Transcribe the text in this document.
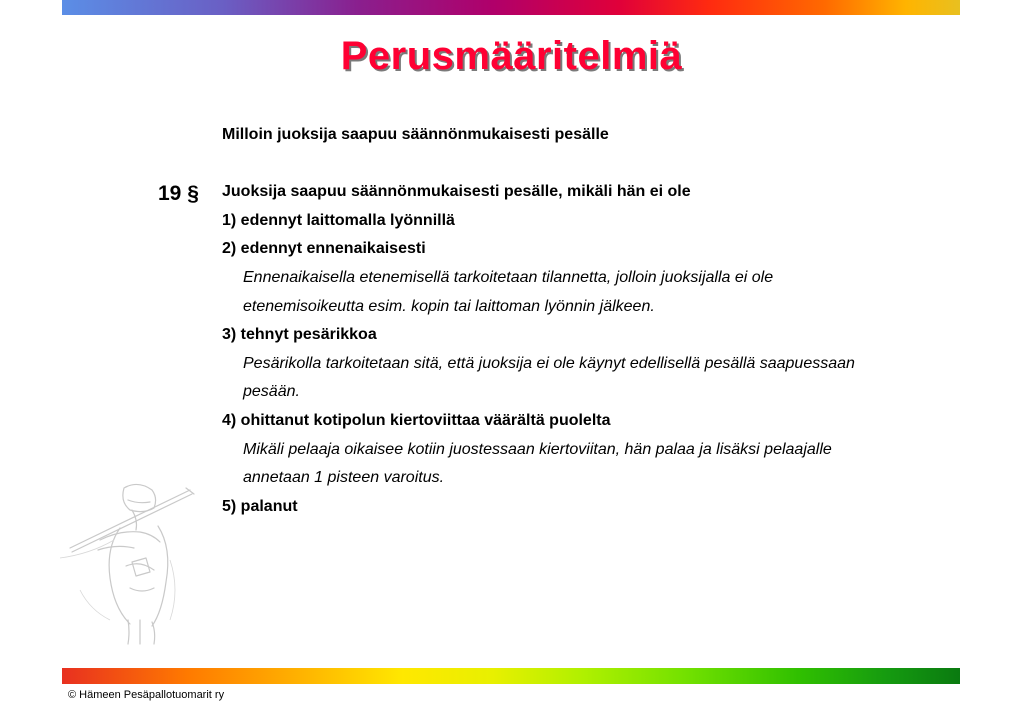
Perusmääritelmiä
19 §
Milloin juoksija saapuu säännönmukaisesti pesälle
Juoksija saapuu säännönmukaisesti pesälle, mikäli hän ei ole
1) edennyt laittomalla lyönnillä
2) edennyt ennenaikaisesti
Ennenaikaisella etenemisellä tarkoitetaan tilannetta, jolloin juoksijalla ei ole
etenemisoikeutta esim. kopin tai laittoman lyönnin jälkeen.
3) tehnyt pesärikkoa
Pesärikolla tarkoitetaan sitä, että juoksija ei ole käynyt edellisellä pesällä saapuessaan
pesään.
4) ohittanut kotipolun kiertoviittaa väärältä puolelta
Mikäli pelaaja oikaisee kotiin juostessaan kiertoviitan, hän palaa ja lisäksi pelaajalle
annetaan 1 pisteen varoitus.
5) palanut
© Hämeen Pesäpallotuomarit ry
